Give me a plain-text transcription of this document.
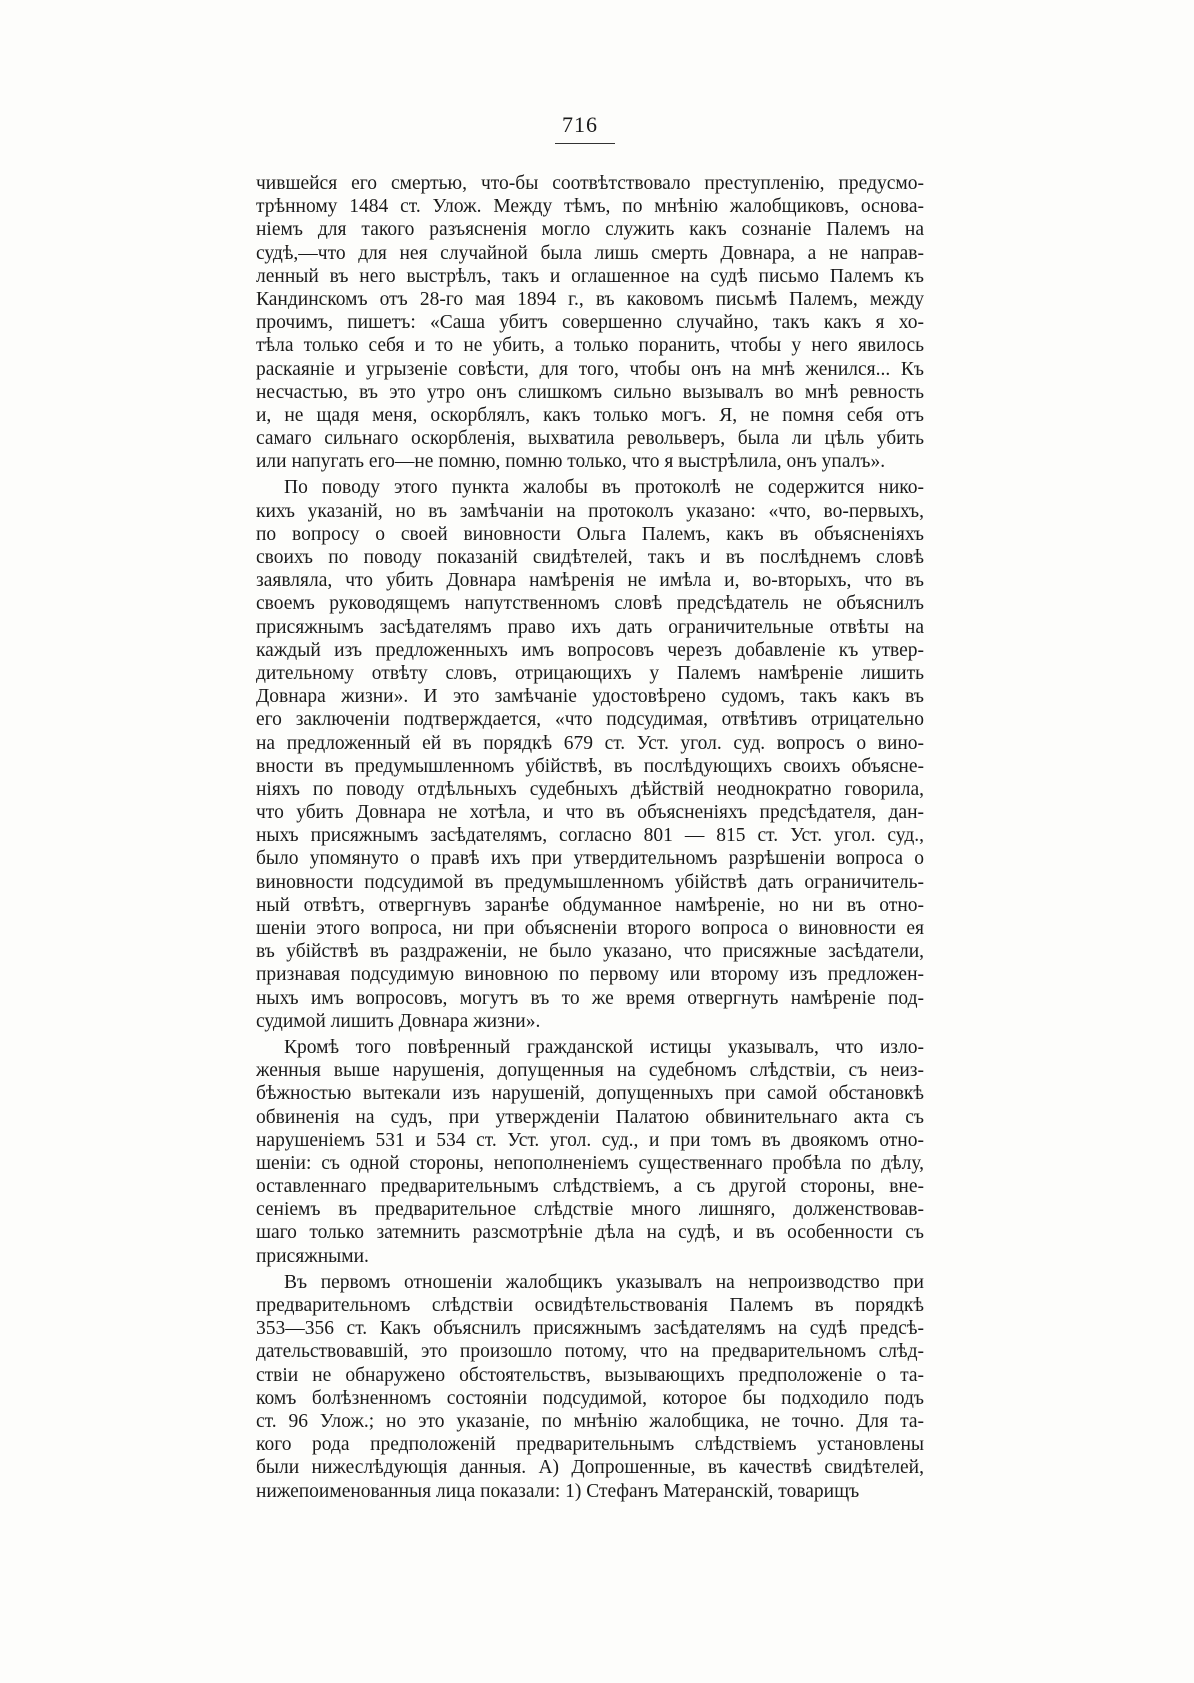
716
чившейся его смертью, что-бы соотвѣтствовало преступленію, предусмо-
трѣнному 1484 ст. Улож. Между тѣмъ, по мнѣнію жалобщиковъ, основа-
ніемъ для такого разъясненія могло служить какъ сознаніе Палемъ на
судѣ,—что для нея случайной была лишь смерть Довнара, а не направ-
ленный въ него выстрѣлъ, такъ и оглашенное на судѣ письмо Палемъ къ
Кандинскомъ отъ 28-го мая 1894 г., въ каковомъ письмѣ Палемъ, между
прочимъ, пишетъ: «Саша убитъ совершенно случайно, такъ какъ я хо-
тѣла только себя и то не убить, а только поранить, чтобы у него явилось
раскаяніе и угрызеніе совѣсти, для того, чтобы онъ на мнѣ женился... Къ
несчастью, въ это утро онъ слишкомъ сильно вызывалъ во мнѣ ревность
и, не щадя меня, оскорблялъ, какъ только могъ. Я, не помня себя отъ
самаго сильнаго оскорбленія, выхватила револьверъ, была ли цѣль убить
или напугать его—не помню, помню только, что я выстрѣлила, онъ упалъ».
По поводу этого пункта жалобы въ протоколѣ не содержится нико-
кихъ указаній, но въ замѣчаніи на протоколъ указано: «что, во-первыхъ,
по вопросу о своей виновности Ольга Палемъ, какъ въ объясненіяхъ
своихъ по поводу показаній свидѣтелей, такъ и въ послѣднемъ словѣ
заявляла, что убить Довнара намѣренія не имѣла и, во-вторыхъ, что въ
своемъ руководящемъ напутственномъ словѣ предсѣдатель не объяснилъ
присяжнымъ засѣдателямъ право ихъ дать ограничительные отвѣты на
каждый изъ предложенныхъ имъ вопросовъ черезъ добавленіе къ утвер-
дительному отвѣту словъ, отрицающихъ у Палемъ намѣреніе лишить
Довнара жизни». И это замѣчаніе удостовѣрено судомъ, такъ какъ въ
его заключеніи подтверждается, «что подсудимая, отвѣтивъ отрицательно
на предложенный ей въ порядкѣ 679 ст. Уст. угол. суд. вопросъ о вино-
вности въ предумышленномъ убійствѣ, въ послѣдующихъ своихъ объясне-
ніяхъ по поводу отдѣльныхъ судебныхъ дѣйствій неоднократно говорила,
что убить Довнара не хотѣла, и что въ объясненіяхъ предсѣдателя, дан-
ныхъ присяжнымъ засѣдателямъ, согласно 801 — 815 ст. Уст. угол. суд.,
было упомянуто о правѣ ихъ при утвердительномъ разрѣшеніи вопроса о
виновности подсудимой въ предумышленномъ убійствѣ дать ограничитель-
ный отвѣтъ, отвергнувъ заранѣе обдуманное намѣреніе, но ни въ отно-
шеніи этого вопроса, ни при объясненіи второго вопроса о виновности ея
въ убійствѣ въ раздраженіи, не было указано, что присяжные засѣдатели,
признавая подсудимую виновною по первому или второму изъ предложен-
ныхъ имъ вопросовъ, могутъ въ то же время отвергнуть намѣреніе под-
судимой лишить Довнара жизни».
Кромѣ того повѣренный гражданской истицы указывалъ, что изло-
женныя выше нарушенія, допущенныя на судебномъ слѣдствіи, съ неиз-
бѣжностью вытекали изъ нарушеній, допущенныхъ при самой обстановкѣ
обвиненія на судъ, при утвержденіи Палатою обвинительнаго акта съ
нарушеніемъ 531 и 534 ст. Уст. угол. суд., и при томъ въ двоякомъ отно-
шеніи: съ одной стороны, непополненіемъ существеннаго пробѣла по дѣлу,
оставленнаго предварительнымъ слѣдствіемъ, а съ другой стороны, вне-
сеніемъ въ предварительное слѣдствіе много лишняго, долженствовав-
шаго только затемнить разсмотрѣніе дѣла на судѣ, и въ особенности съ
присяжными.
Въ первомъ отношеніи жалобщикъ указывалъ на непроизводство при
предварительномъ слѣдствіи освидѣтельствованія Палемъ въ порядкѣ
353—356 ст. Какъ объяснилъ присяжнымъ засѣдателямъ на судѣ предсѣ-
дательствовавшій, это произошло потому, что на предварительномъ слѣд-
ствіи не обнаружено обстоятельствъ, вызывающихъ предположеніе о та-
комъ болѣзненномъ состояніи подсудимой, которое бы подходило подъ
ст. 96 Улож.; но это указаніе, по мнѣнію жалобщика, не точно. Для та-
кого рода предположеній предварительнымъ слѣдствіемъ установлены
были нижеслѣдующія данныя. А) Допрошенные, въ качествѣ свидѣтелей,
нижепоименованныя лица показали: 1) Стефанъ Матеранскій, товарищъ
